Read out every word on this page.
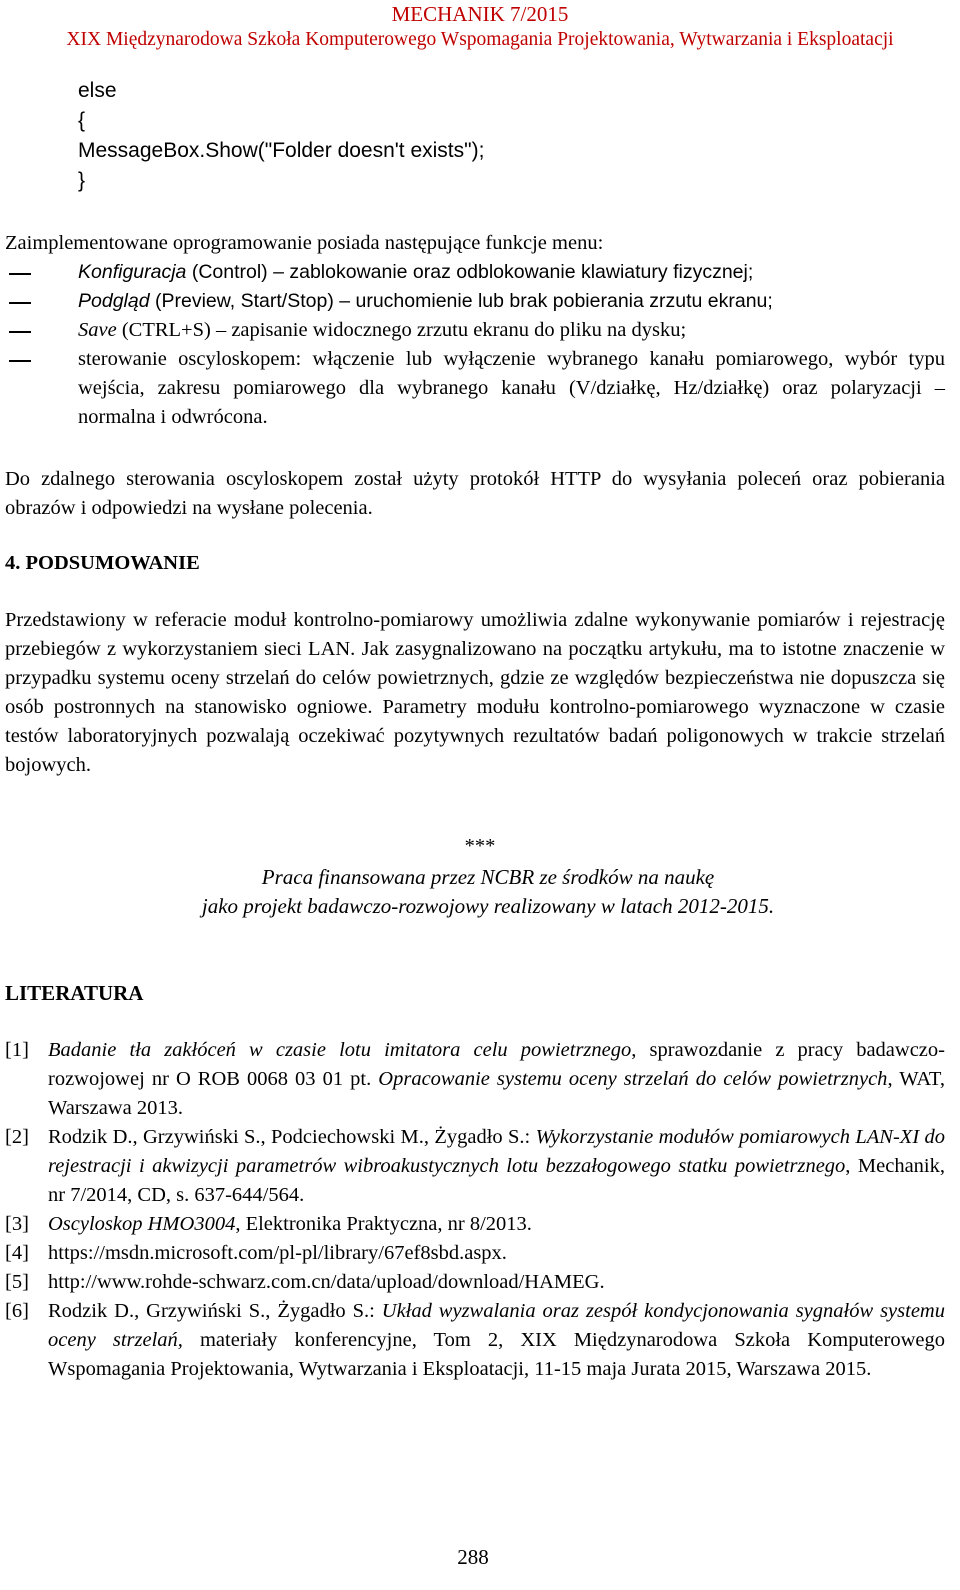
MECHANIK 7/2015
XIX Międzynarodowa Szkoła Komputerowego Wspomagania Projektowania, Wytwarzania i Eksploatacji
else
{
MessageBox.Show("Folder doesn't exists");
}

Zaimplementowane oprogramowanie posiada następujące funkcje menu:

Konfiguracja (Control) – zablokowanie oraz odblokowanie klawiatury fizycznej;
Podgląd (Preview, Start/Stop) – uruchomienie lub brak pobierania zrzutu ekranu;
Save (CTRL+S) – zapisanie widocznego zrzutu ekranu do pliku na dysku;
sterowanie oscyloskopem: włączenie lub wyłączenie wybranego kanału pomiarowego, wybór typu wejścia, zakresu pomiarowego dla wybranego kanału (V/działkę, Hz/działkę) oraz polaryzacji – normalna i odwrócona.

Do zdalnego sterowania oscyloskopem został użyty protokół HTTP do wysyłania poleceń oraz pobierania obrazów i odpowiedzi na wysłane polecenia.

4. PODSUMOWANIE

Przedstawiony w referacie moduł kontrolno-pomiarowy umożliwia zdalne wykonywanie pomiarów i rejestrację przebiegów z wykorzystaniem sieci LAN. Jak zasygnalizowano na początku artykułu, ma to istotne znaczenie w przypadku systemu oceny strzelań do celów powietrznych, gdzie ze względów bezpieczeństwa nie dopuszcza się osób postronnych na stanowisko ogniowe. Parametry modułu kontrolno-pomiarowego wyznaczone w czasie testów laboratoryjnych pozwalają oczekiwać pozytywnych rezultatów badań poligonowych w trakcie strzelań bojowych.

***
Praca finansowana przez NCBR ze środków na naukę
jako projekt badawczo-rozwojowy realizowany w latach 2012-2015.
LITERATURA
[1] Badanie tła zakłóceń w czasie lotu imitatora celu powietrznego, sprawozdanie z pracy badawczo-rozwojowej nr O ROB 0068 03 01 pt. Opracowanie systemu oceny strzelań do celów powietrznych, WAT, Warszawa 2013.
[2] Rodzik D., Grzywiński S., Podciechowski M., Żygadło S.: Wykorzystanie modułów pomiarowych LAN-XI do rejestracji i akwizycji parametrów wibroakustycznych lotu bezzałogowego statku powietrznego, Mechanik, nr 7/2014, CD, s. 637-644/564.
[3] Oscyloskop HMO3004, Elektronika Praktyczna, nr 8/2013.
[4] https://msdn.microsoft.com/pl-pl/library/67ef8sbd.aspx.
[5] http://www.rohde-schwarz.com.cn/data/upload/download/HAMEG.
[6] Rodzik D., Grzywiński S., Żygadło S.: Układ wyzwalania oraz zespół kondycjonowania sygnałów systemu oceny strzelań, materiały konferencyjne, Tom 2, XIX Międzynarodowa Szkoła Komputerowego Wspomagania Projektowania, Wytwarzania i Eksploatacji, 11-15 maja Jurata 2015, Warszawa 2015.
288
